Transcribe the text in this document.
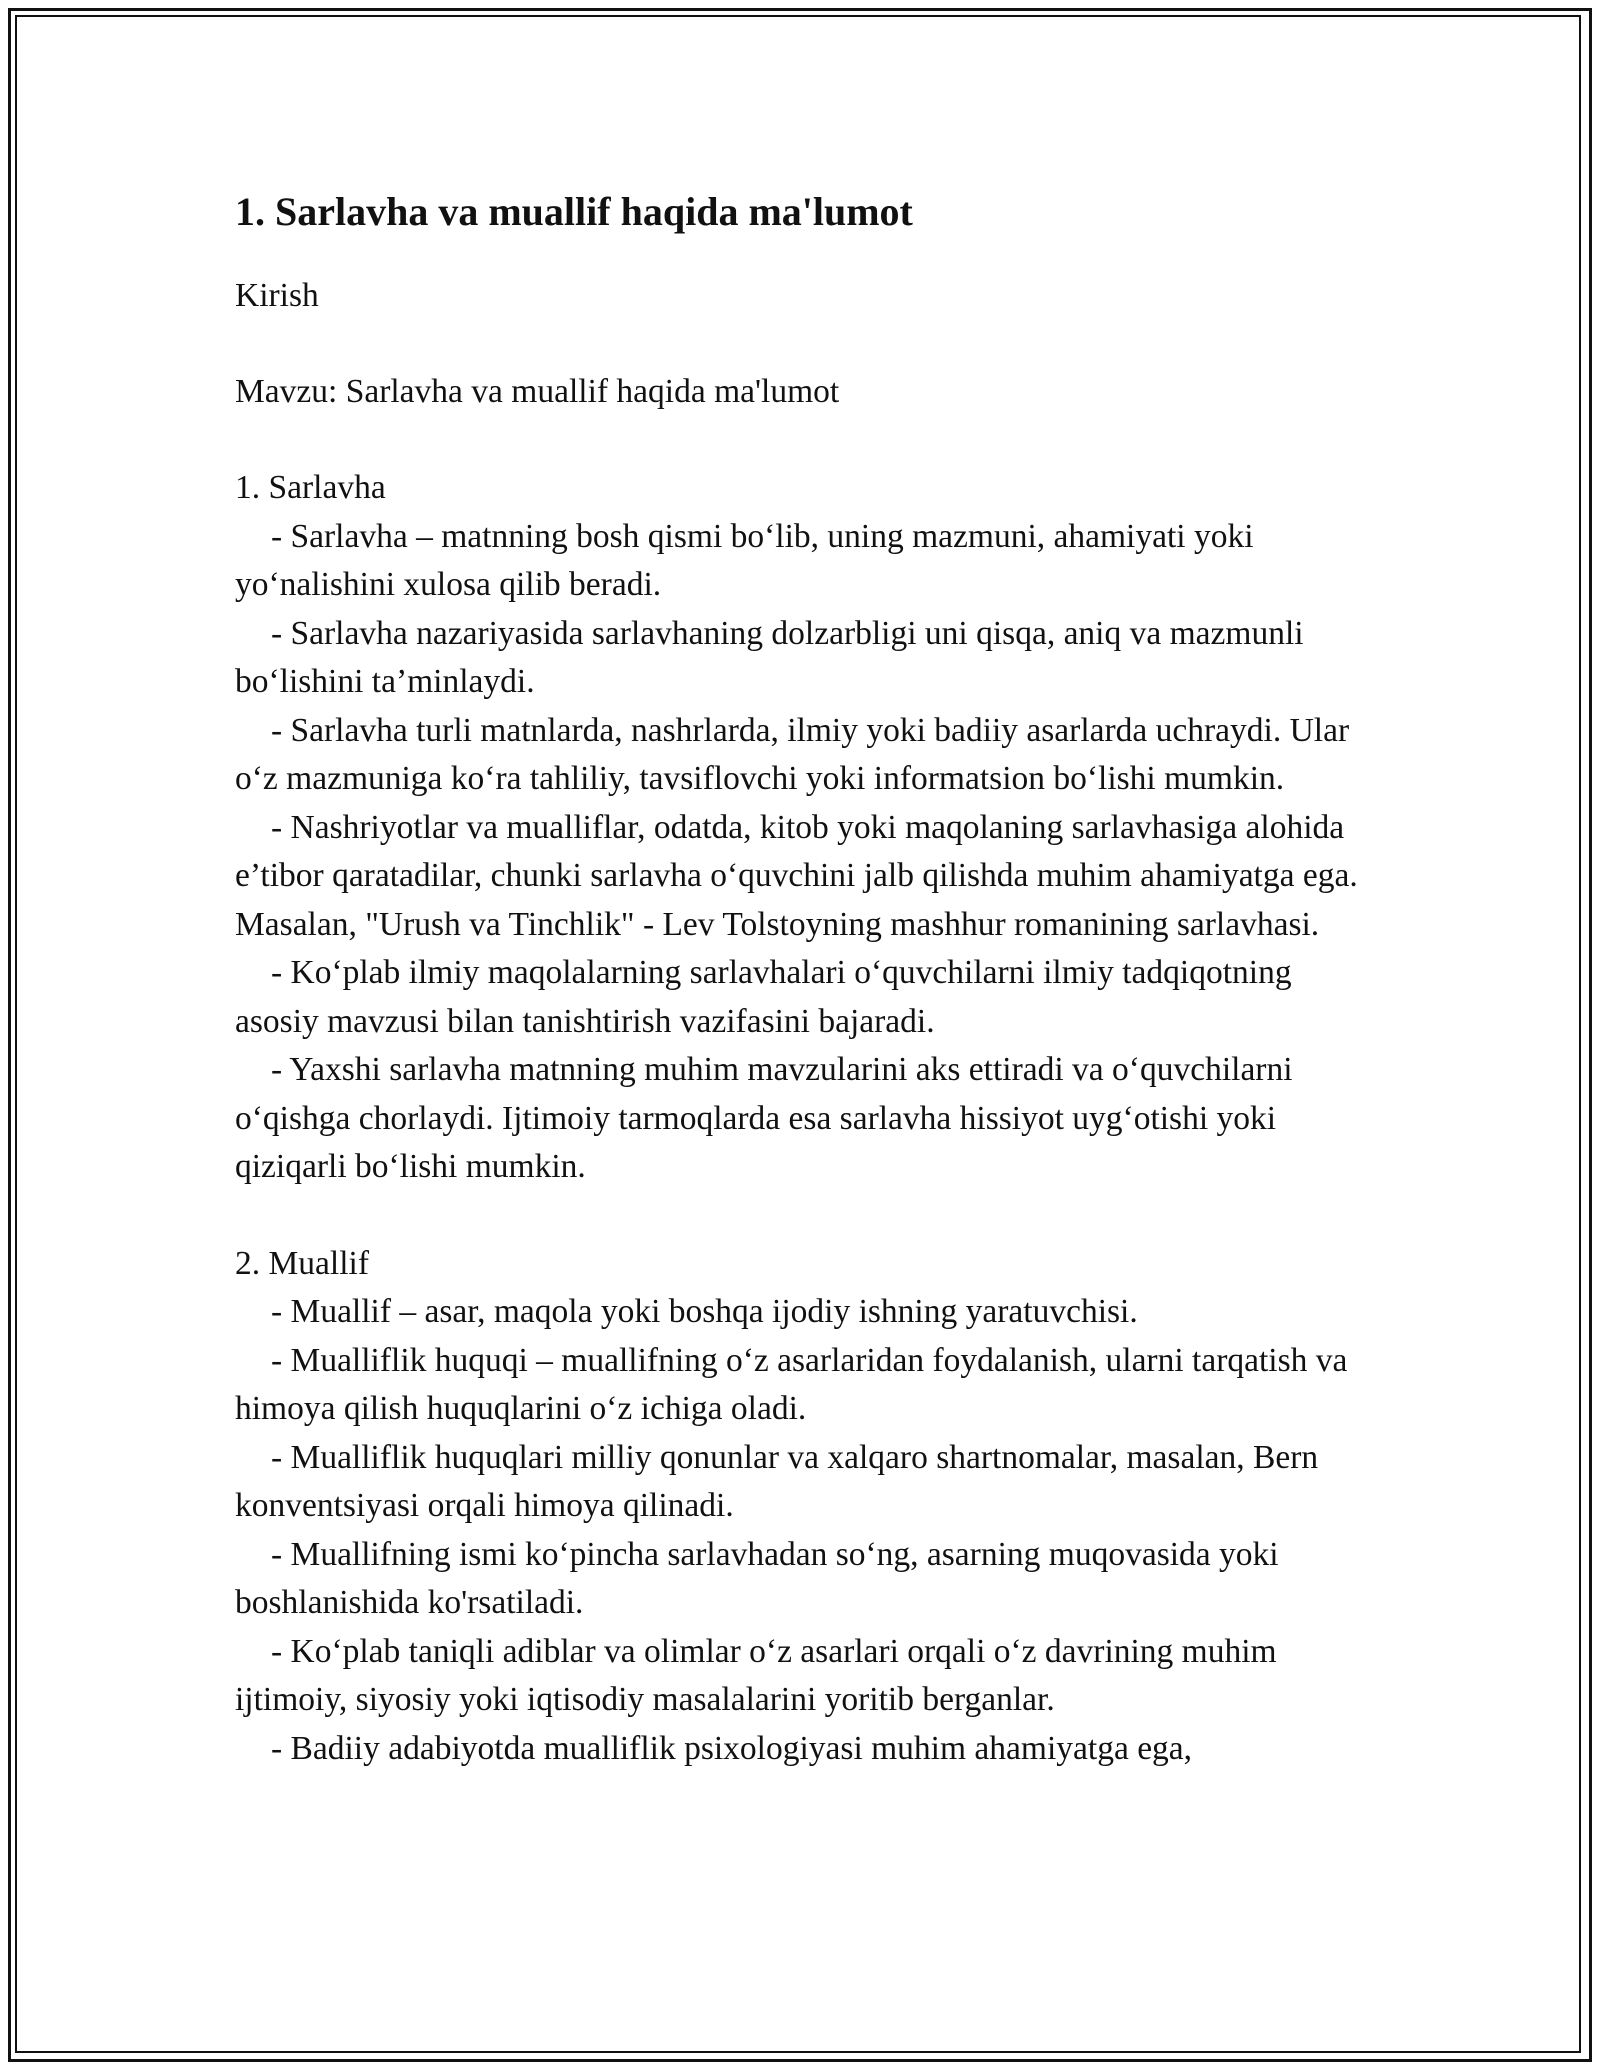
1. Sarlavha va muallif haqida ma'lumot

Kirish

Mavzu: Sarlavha va muallif haqida ma'lumot

1. Sarlavha

- Sarlavha – matnning bosh qismi bo‘lib, uning mazmuni, ahamiyati yoki yo‘nalishini xulosa qilib beradi.
- Sarlavha nazariyasida sarlavhaning dolzarbligi uni qisqa, aniq va mazmunli bo‘lishini ta’minlaydi.
- Sarlavha turli matnlarda, nashrlarda, ilmiy yoki badiiy asarlarda uchraydi. Ular o‘z mazmuniga ko‘ra tahliliy, tavsiflovchi yoki informatsion bo‘lishi mumkin.
- Nashriyotlar va mualliflar, odatda, kitob yoki maqolaning sarlavhasiga alohida e’tibor qaratadilar, chunki sarlavha o‘quvchini jalb qilishda muhim ahamiyatga ega. Masalan, "Urush va Tinchlik" - Lev Tolstoyning mashhur romanining sarlavhasi.
- Ko‘plab ilmiy maqolalarning sarlavhalari o‘quvchilarni ilmiy tadqiqotning asosiy mavzusi bilan tanishtirish vazifasini bajaradi.
- Yaxshi sarlavha matnning muhim mavzularini aks ettiradi va o‘quvchilarni o‘qishga chorlaydi. Ijtimoiy tarmoqlarda esa sarlavha hissiyot uyg‘otishi yoki qiziqarli bo‘lishi mumkin.

2. Muallif

- Muallif – asar, maqola yoki boshqa ijodiy ishning yaratuvchisi.
- Mualliflik huquqi – muallifning o‘z asarlaridan foydalanish, ularni tarqatish va himoya qilish huquqlarini o‘z ichiga oladi.
- Mualliflik huquqlari milliy qonunlar va xalqaro shartnomalar, masalan, Bern konventsiyasi orqali himoya qilinadi.
- Muallifning ismi ko‘pincha sarlavhadan so‘ng, asarning muqovasida yoki boshlanishida ko'rsatiladi.
- Ko‘plab taniqli adiblar va olimlar o‘z asarlari orqali o‘z davrining muhim ijtimoiy, siyosiy yoki iqtisodiy masalalarini yoritib berganlar.
- Badiiy adabiyotda mualliflik psixologiyasi muhim ahamiyatga ega,
